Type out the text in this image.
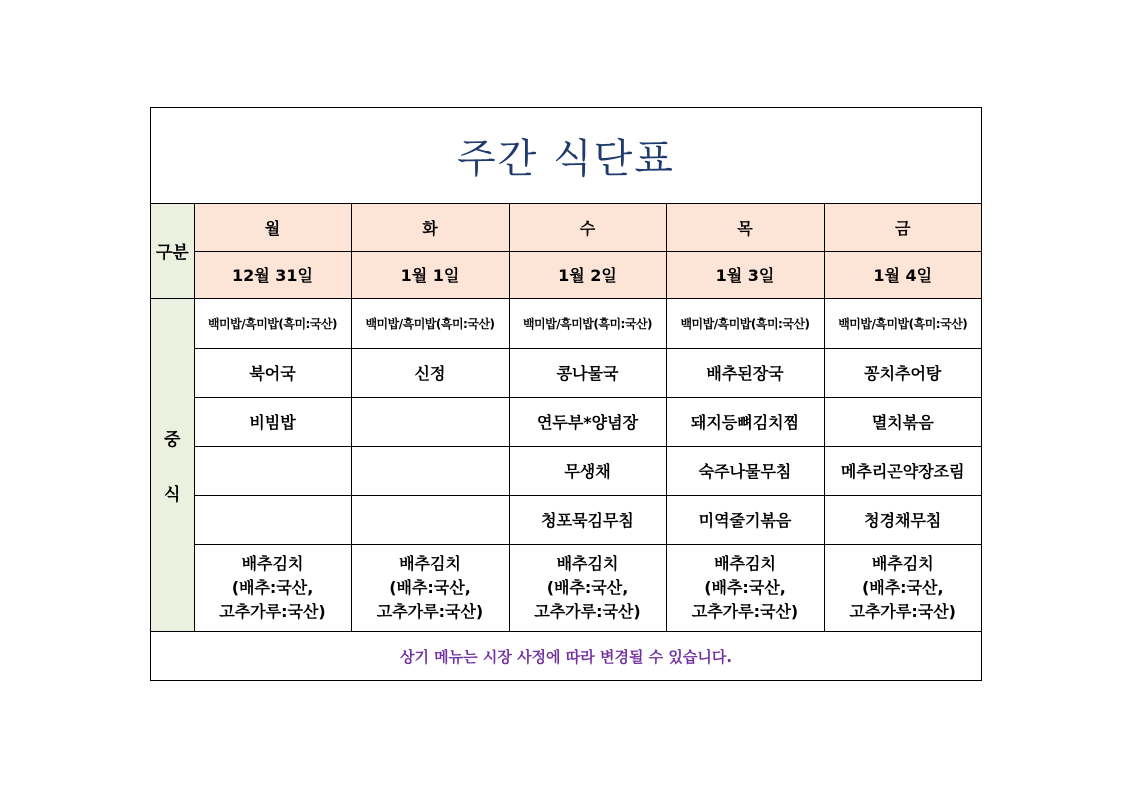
주간 식단표
구분	월	화	수	목	금
	12월 31일	1월 1일	1월 2일	1월 3일	1월 4일

중
식	백미밥/흑미밥(흑미:국산)	백미밥/흑미밥(흑미:국산)	백미밥/흑미밥(흑미:국산)	백미밥/흑미밥(흑미:국산)	백미밥/흑미밥(흑미:국산)
	북어국	신정	콩나물국	배추된장국	꽁치추어탕
	비빔밥		연두부*양념장	돼지등뼈김치찜	멸치볶음
			무생채	숙주나물무침	메추리곤약장조림
			청포묵김무침	미역줄기볶음	청경채무침

	배추김치
(배추:국산,
고추가루:국산)	배추김치
(배추:국산,
고추가루:국산)	배추김치
(배추:국산,
고추가루:국산)	배추김치
(배추:국산,
고추가루:국산)	배추김치
(배추:국산,
고추가루:국산)
상기 메뉴는 시장 사정에 따라 변경될 수 있습니다.
